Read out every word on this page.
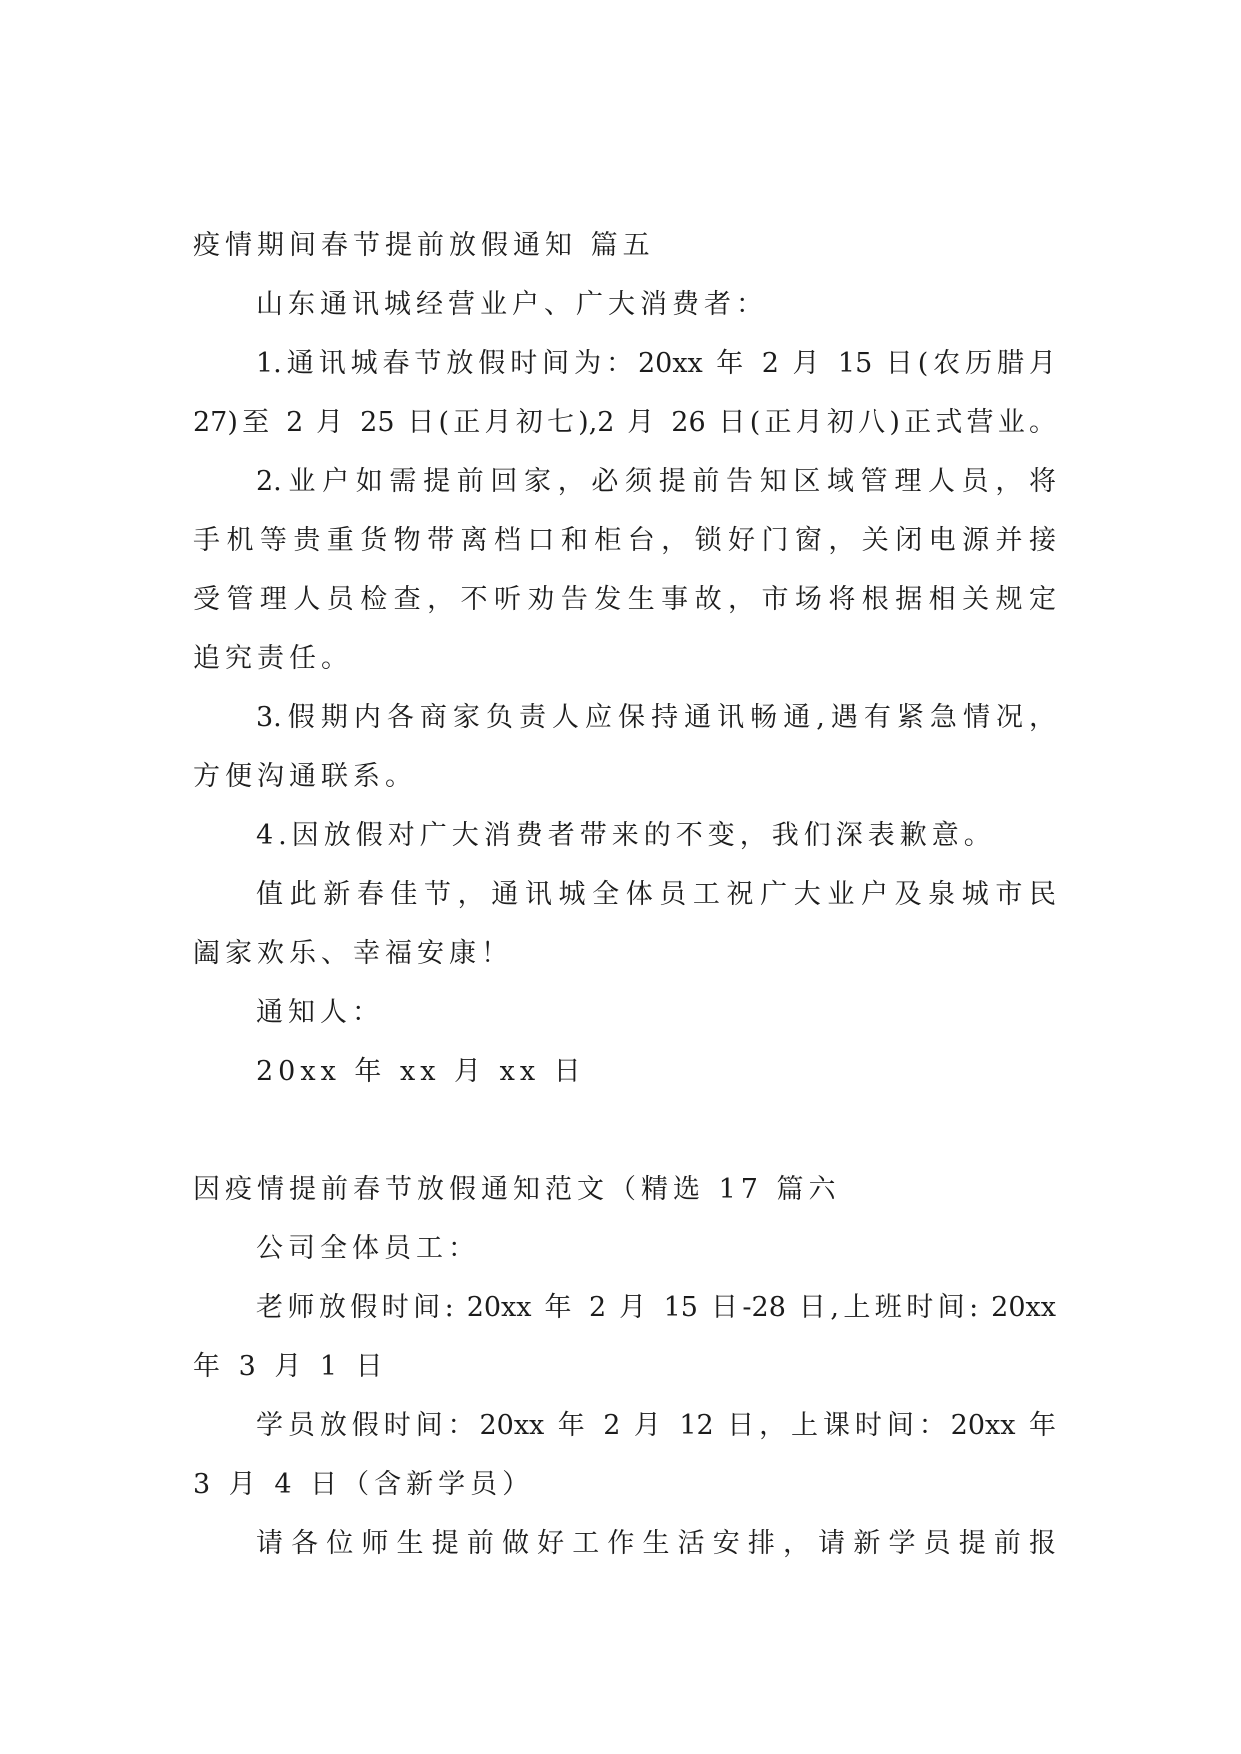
疫情期间春节提前放假通知 篇五
山东通讯城经营业户、广大消费者：
1.通讯城春节放假时间为：20xx 年 2 月 15 日(农历腊月
27)至 2 月 25 日(正月初七),2 月 26 日(正月初八)正式营业。
2.业户如需提前回家，必须提前告知区域管理人员，将
手机等贵重货物带离档口和柜台，锁好门窗，关闭电源并接
受管理人员检查，不听劝告发生事故，市场将根据相关规定
追究责任。
3.假期内各商家负责人应保持通讯畅通,遇有紧急情况，
方便沟通联系。
4.因放假对广大消费者带来的不变，我们深表歉意。
值此新春佳节，通讯城全体员工祝广大业户及泉城市民
阖家欢乐、幸福安康！
通知人：
20xx 年 xx 月 xx 日
因疫情提前春节放假通知范文（精选 17 篇六
公司全体员工：
老师放假时间: 20xx 年 2 月 15 日-28 日,上班时间: 20xx
年 3 月 1 日
学员放假时间：20xx 年 2 月 12 日，上课时间：20xx 年
3 月 4 日（含新学员）
请各位师生提前做好工作生活安排，请新学员提前报
